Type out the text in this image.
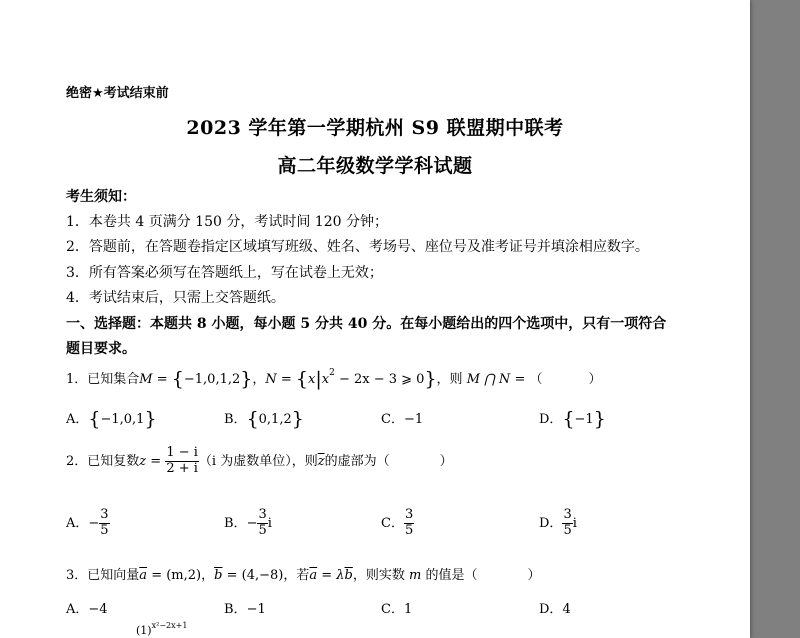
绝密★考试结束前
2023 学年第一学期杭州 S9 联盟期中联考
高二年级数学学科试题
考生须知：
1．本卷共 4 页满分 150 分，考试时间 120 分钟；
2．答题前，在答题卷指定区域填写班级、姓名、考场号、座位号及准考证号并填涂相应数字。
3．所有答案必须写在答题纸上，写在试卷上无效；
4．考试结束后，只需上交答题纸。
一、选择题：本题共 8 小题，每小题 5 分共 40 分。在每小题给出的四个选项中，只有一项符合
题目要求。
1．已知集合M = {−1,0,1,2}，$N = \{x|x^2 - 2x - 3$ ⩾ 0}，则 M ⋂ N = （	）
A．{−1,0,1}	B．{0,1,2}	C．−1	D．{−1}
2．已知复数$z = \frac{1 - i}{2 + i} (i$ 为虚数单位），则$\overline{z}$的虚部为（	）
A．− $\frac{3}{5}$	B．− $\frac{3}{5}$ i	C． $\frac{3}{5}$	D． $\frac{3}{5}$ i
3．已知向量$\overline{a} = (m,2)$，$\overline{b} = (4,-8)$，若$\overline{a} = \lambda\overline{b}$，则实数 m 的值是（	）
A．−4	B．−1	C．1	D．4
$(1)^{x^2-2x+1}$
